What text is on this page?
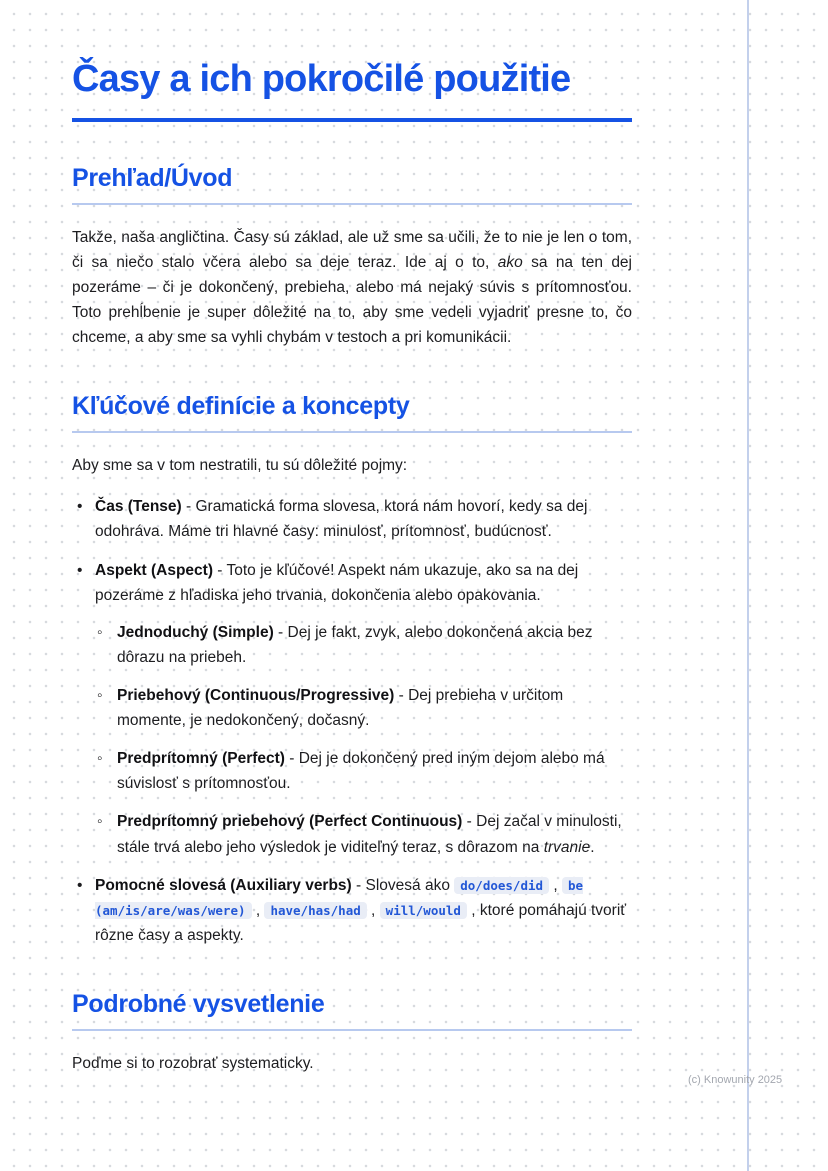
Časy a ich pokročilé použitie
Prehľad/Úvod

Takže, naša angličtina. Časy sú základ, ale už sme sa učili, že to nie je len o tom, či sa niečo stalo včera alebo sa deje teraz. Ide aj o to, ako sa na ten dej pozeráme – či je dokončený, prebieha, alebo má nejaký súvis s prítomnosťou. Toto prehĺbenie je super dôležité na to, aby sme vedeli vyjadriť presne to, čo chceme, a aby sme sa vyhli chybám v testoch a pri komunikácii.

Kľúčové definície a koncepty

Aby sme sa v tom nestratili, tu sú dôležité pojmy:

• Čas (Tense) - Gramatická forma slovesa, ktorá nám hovorí, kedy sa dej odohráva. Máme tri hlavné časy: minulosť, prítomnosť, budúcnosť.
• Aspekt (Aspect) - Toto je kľúčové! Aspekt nám ukazuje, ako sa na dej pozeráme z hľadiska jeho trvania, dokončenia alebo opakovania.
◦ Jednoduchý (Simple) - Dej je fakt, zvyk, alebo dokončená akcia bez dôrazu na priebeh.
◦ Priebehový (Continuous/Progressive) - Dej prebieha v určitom momente, je nedokončený, dočasný.
◦ Predprítomný (Perfect) - Dej je dokončený pred iným dejom alebo má súvislosť s prítomnosťou.
◦ Predprítomný priebehový (Perfect Continuous) - Dej začal v minulosti, stále trvá alebo jeho výsledok je viditeľný teraz, s dôrazom na trvanie.
• Pomocné slovesá (Auxiliary verbs) - Slovesá ako do/does/did , be (am/is/are/was/were) , have/has/had , will/would , ktoré pomáhajú tvoriť rôzne časy a aspekty.
Podrobné vysvetlenie

Poďme si to rozobrať systematicky.

(c) Knowunity 2025
